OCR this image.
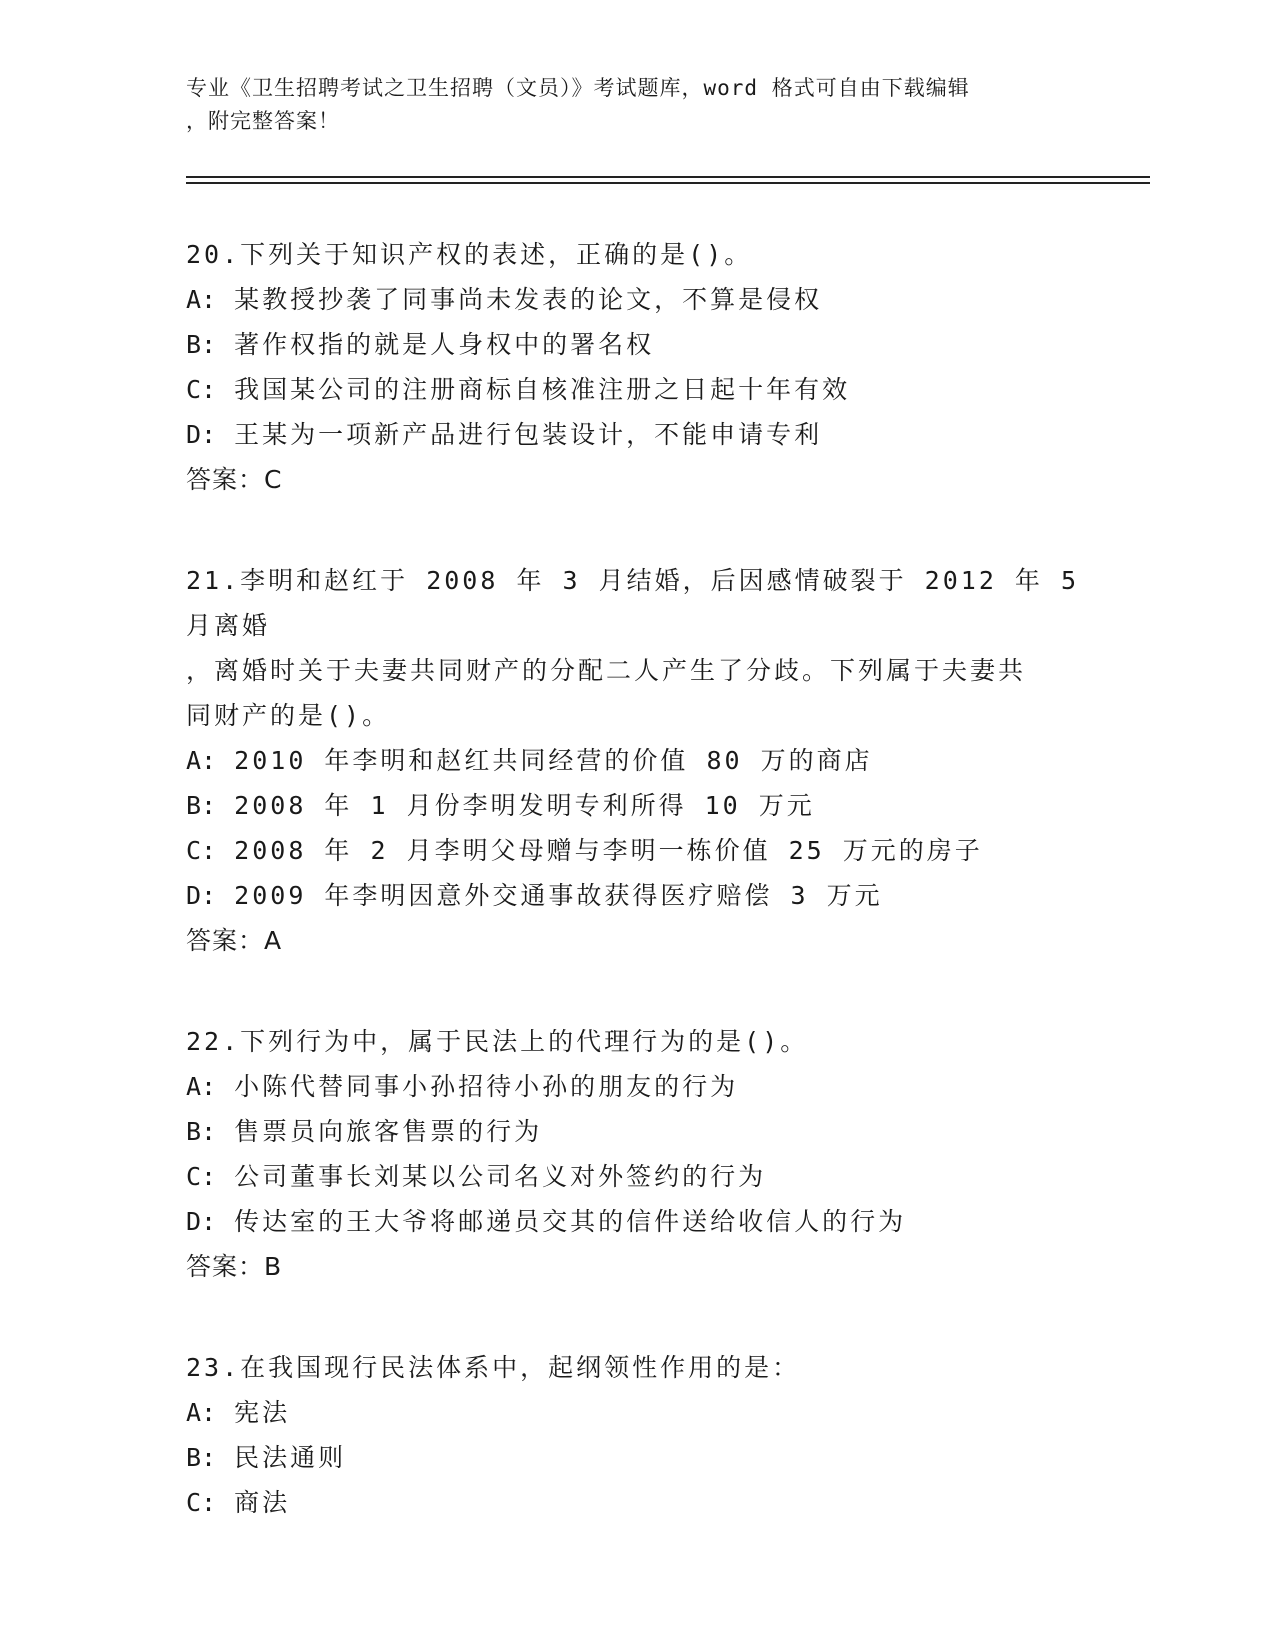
专业《卫生招聘考试之卫生招聘（文员）》考试题库，word 格式可自由下载编辑
，附完整答案！

20.下列关于知识产权的表述，正确的是()。

A: 某教授抄袭了同事尚未发表的论文，不算是侵权

B: 著作权指的就是人身权中的署名权

C: 我国某公司的注册商标自核准注册之日起十年有效

D: 王某为一项新产品进行包装设计，不能申请专利

答案：C

21.李明和赵红于 2008 年 3 月结婚，后因感情破裂于 2012 年 5 月离婚

，离婚时关于夫妻共同财产的分配二人产生了分歧。下列属于夫妻共

同财产的是()。

A: 2010 年李明和赵红共同经营的价值 80 万的商店

B: 2008 年 1 月份李明发明专利所得 10 万元

C: 2008 年 2 月李明父母赠与李明一栋价值 25 万元的房子

D: 2009 年李明因意外交通事故获得医疗赔偿 3 万元

答案：A

22.下列行为中，属于民法上的代理行为的是()。

A: 小陈代替同事小孙招待小孙的朋友的行为

B: 售票员向旅客售票的行为

C: 公司董事长刘某以公司名义对外签约的行为

D: 传达室的王大爷将邮递员交其的信件送给收信人的行为

答案：B

23.在我国现行民法体系中，起纲领性作用的是：

A: 宪法

B: 民法通则

C: 商法
